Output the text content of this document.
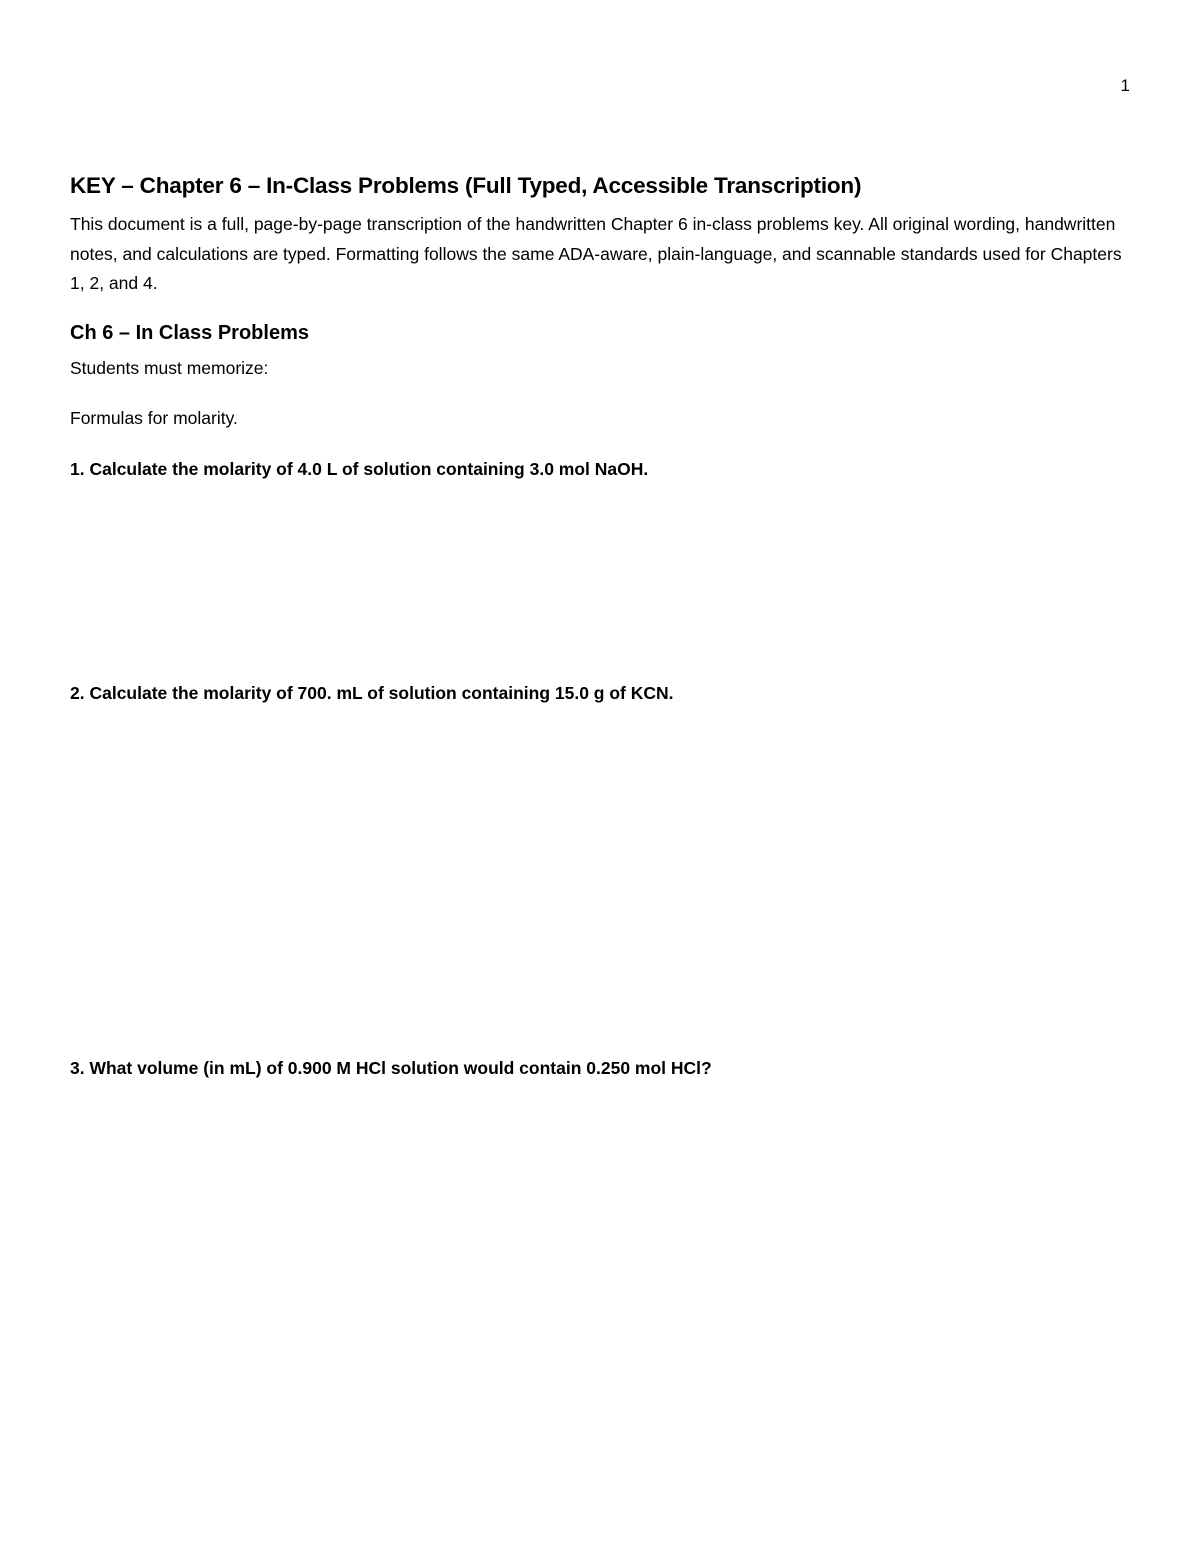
1
KEY – Chapter 6 – In-Class Problems (Full Typed, Accessible Transcription)

This document is a full, page-by-page transcription of the handwritten Chapter 6 in-class problems key. All original wording, handwritten notes, and calculations are typed. Formatting follows the same ADA-aware, plain-language, and scannable standards used for Chapters 1, 2, and 4.

Ch 6 – In Class Problems

Students must memorize:

Formulas for molarity.

1. Calculate the molarity of 4.0 L of solution containing 3.0 mol NaOH.

2. Calculate the molarity of 700. mL of solution containing 15.0 g of KCN.

3. What volume (in mL) of 0.900 M HCl solution would contain 0.250 mol HCl?
